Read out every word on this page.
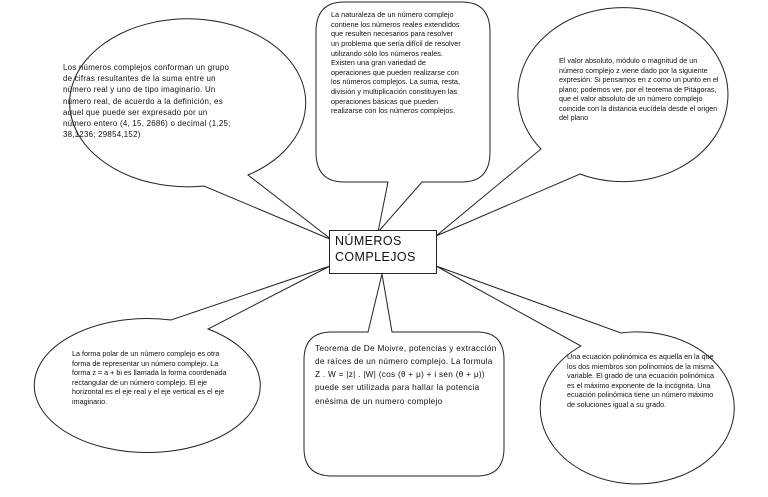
La naturaleza de un número complejo contiene los números reales extendidos que resulten necesarios para resolver un problema que sería difícil de resolver utilizando sólo los números reales. Existen una gran variedad de operaciones que pueden realizarse con los números complejos. La suma, resta, división y multiplicación constituyen las operaciones básicas que pueden realizarse con los números complejos.
Los números complejos conforman un grupo de cifras resultantes de la suma entre un número real y uno de tipo imaginario. Un número real, de acuerdo a la definición, es aquel que puede ser expresado por un número entero (4, 15, 2686) o decimal (1,25; 38,1236; 29854,152)
El valor absoluto, módulo o magnitud de un número complejo z viene dado por la siguiente expresión: Si pensamos en z como un punto en el plano; podemos ver, por el teorema de Pitágoras, que el valor absoluto de un número complejo coincide con la distancia eucídela desde el origen del plano
La forma polar de un número complejo es otra forma de representar un número complejo. La forma z = a + bi es llamada la forma coordenada rectangular de un número complejo. El eje horizontal es el eje real y el eje vertical es el eje imaginario.
Teorema de De Moivre, potencias y extracción de raíces de un número complejo. La formula Z . W = |z| . |W| (cos (θ + μ) + i sen (θ + μ)) puede ser utilizada para hallar la potencia enésima de un numero complejo
Una ecuación polinómica es aquella en la que los dos miembros son polinomios de la misma variable. El grado de una ecuación polinómica es el máximo exponente de la incógnita. Una ecuación polinómica tiene un número máximo de soluciones igual a su grado.
NÚMEROS
COMPLEJOS
